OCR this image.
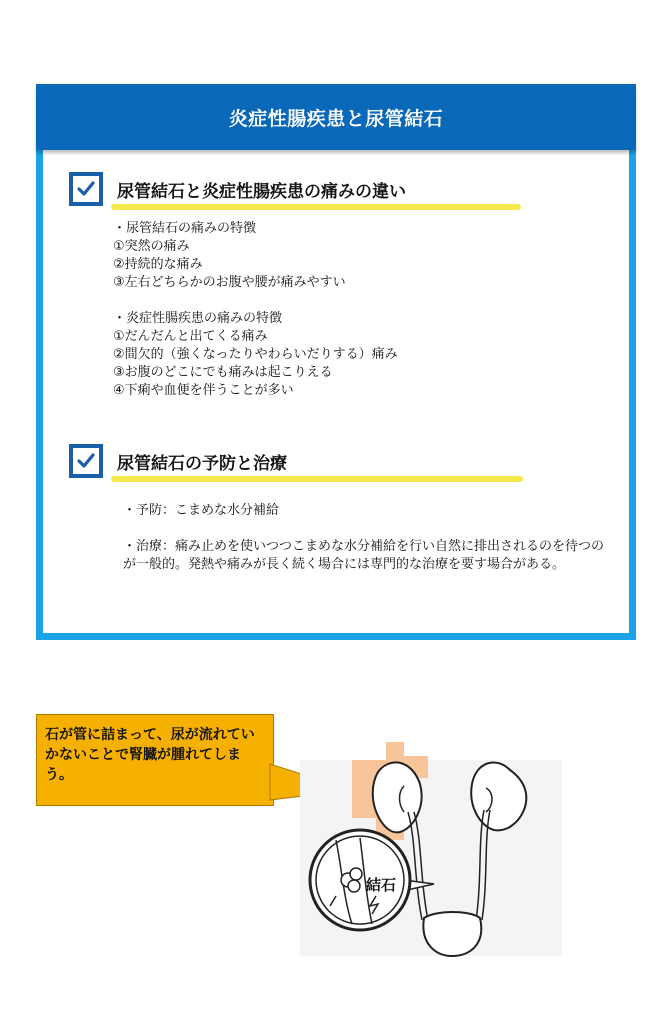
炎症性腸疾患と尿管結石
尿管結石と炎症性腸疾患の痛みの違い
・尿管結石の痛みの特徴
①突然の痛み
②持続的な痛み
③左右どちらかのお腹や腰が痛みやすい
・炎症性腸疾患の痛みの特徴
①だんだんと出てくる痛み
②間欠的（強くなったりやわらいだりする）痛み
③お腹のどこにでも痛みは起こりえる
④下痢や血便を伴うことが多い
尿管結石の予防と治療
・予防：こまめな水分補給
・治療：痛み止めを使いつつこまめな水分補給を行い自然に排出されるのを待つのが一般的。発熱や痛みが長く続く場合には専門的な治療を要す場合がある。
石が管に詰まって、尿が流れていかないことで腎臓が腫れてしまう。
結石
